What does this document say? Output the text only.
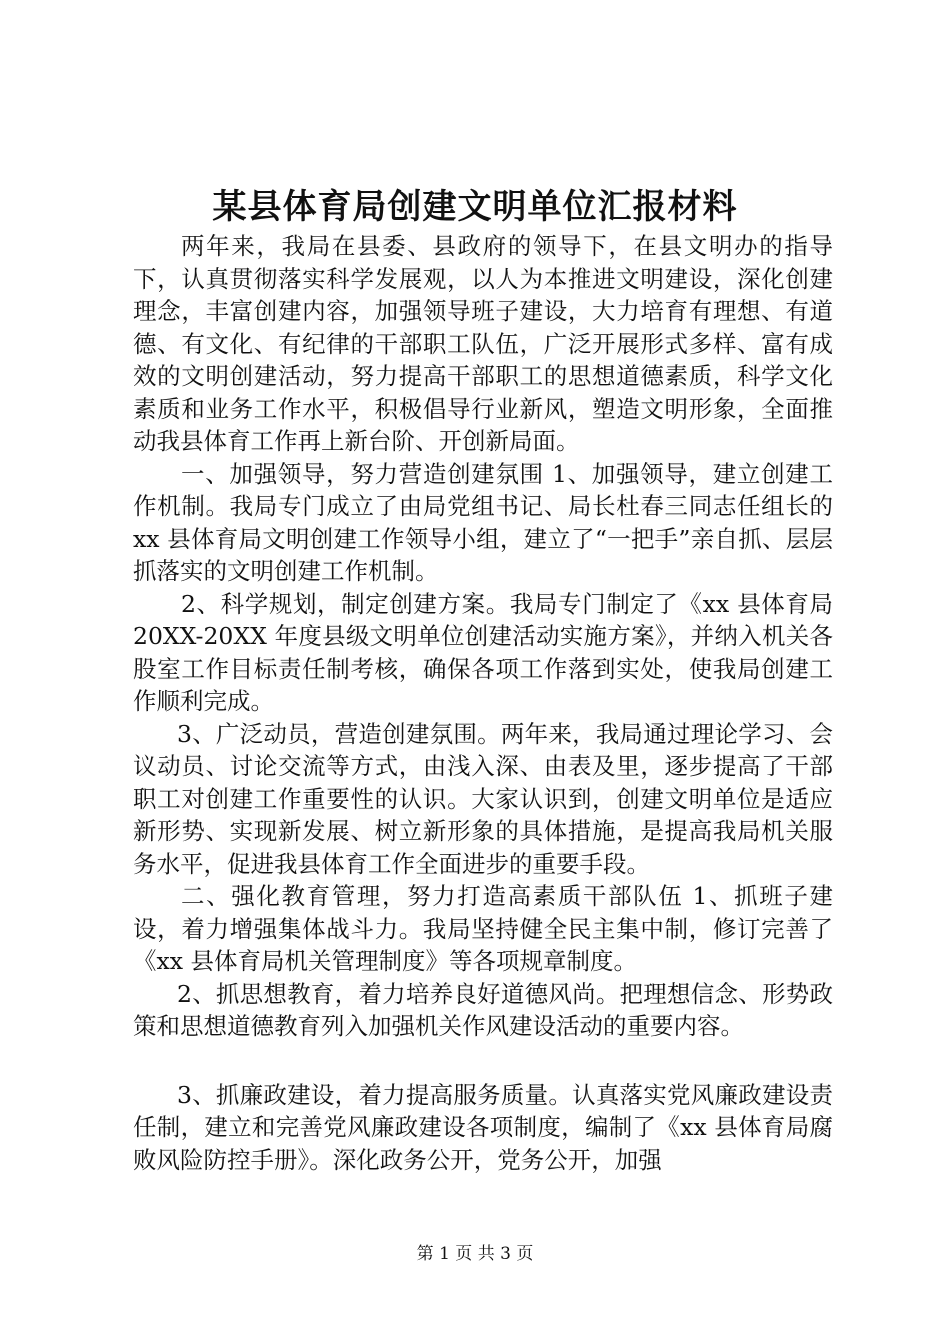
某县体育局创建文明单位汇报材料

两年来，我局在县委、县政府的领导下，在县文明办的指导下，认真贯彻落实科学发展观，以人为本推进文明建设，深化创建理念，丰富创建内容，加强领导班子建设，大力培育有理想、有道德、有文化、有纪律的干部职工队伍，广泛开展形式多样、富有成效的文明创建活动，努力提高干部职工的思想道德素质，科学文化素质和业务工作水平，积极倡导行业新风，塑造文明形象，全面推动我县体育工作再上新台阶、开创新局面。

一、加强领导，努力营造创建氛围 1、加强领导，建立创建工作机制。我局专门成立了由局党组书记、局长杜春三同志任组长的 xx 县体育局文明创建工作领导小组，建立了“一把手”亲自抓、层层抓落实的文明创建工作机制。

2、科学规划，制定创建方案。我局专门制定了《xx 县体育局 20XX-20XX 年度县级文明单位创建活动实施方案》，并纳入机关各股室工作目标责任制考核，确保各项工作落到实处，使我局创建工作顺利完成。

3、广泛动员，营造创建氛围。两年来，我局通过理论学习、会议动员、讨论交流等方式，由浅入深、由表及里，逐步提高了干部职工对创建工作重要性的认识。大家认识到，创建文明单位是适应新形势、实现新发展、树立新形象的具体措施，是提高我局机关服务水平，促进我县体育工作全面进步的重要手段。

二、强化教育管理，努力打造高素质干部队伍 1、抓班子建设，着力增强集体战斗力。我局坚持健全民主集中制，修订完善了《xx 县体育局机关管理制度》等各项规章制度。

2、抓思想教育，着力培养良好道德风尚。把理想信念、形势政策和思想道德教育列入加强机关作风建设活动的重要内容。

3、抓廉政建设，着力提高服务质量。认真落实党风廉政建设责任制，建立和完善党风廉政建设各项制度，编制了《xx 县体育局腐败风险防控手册》。深化政务公开，党务公开，加强

第 1 页 共 3 页
